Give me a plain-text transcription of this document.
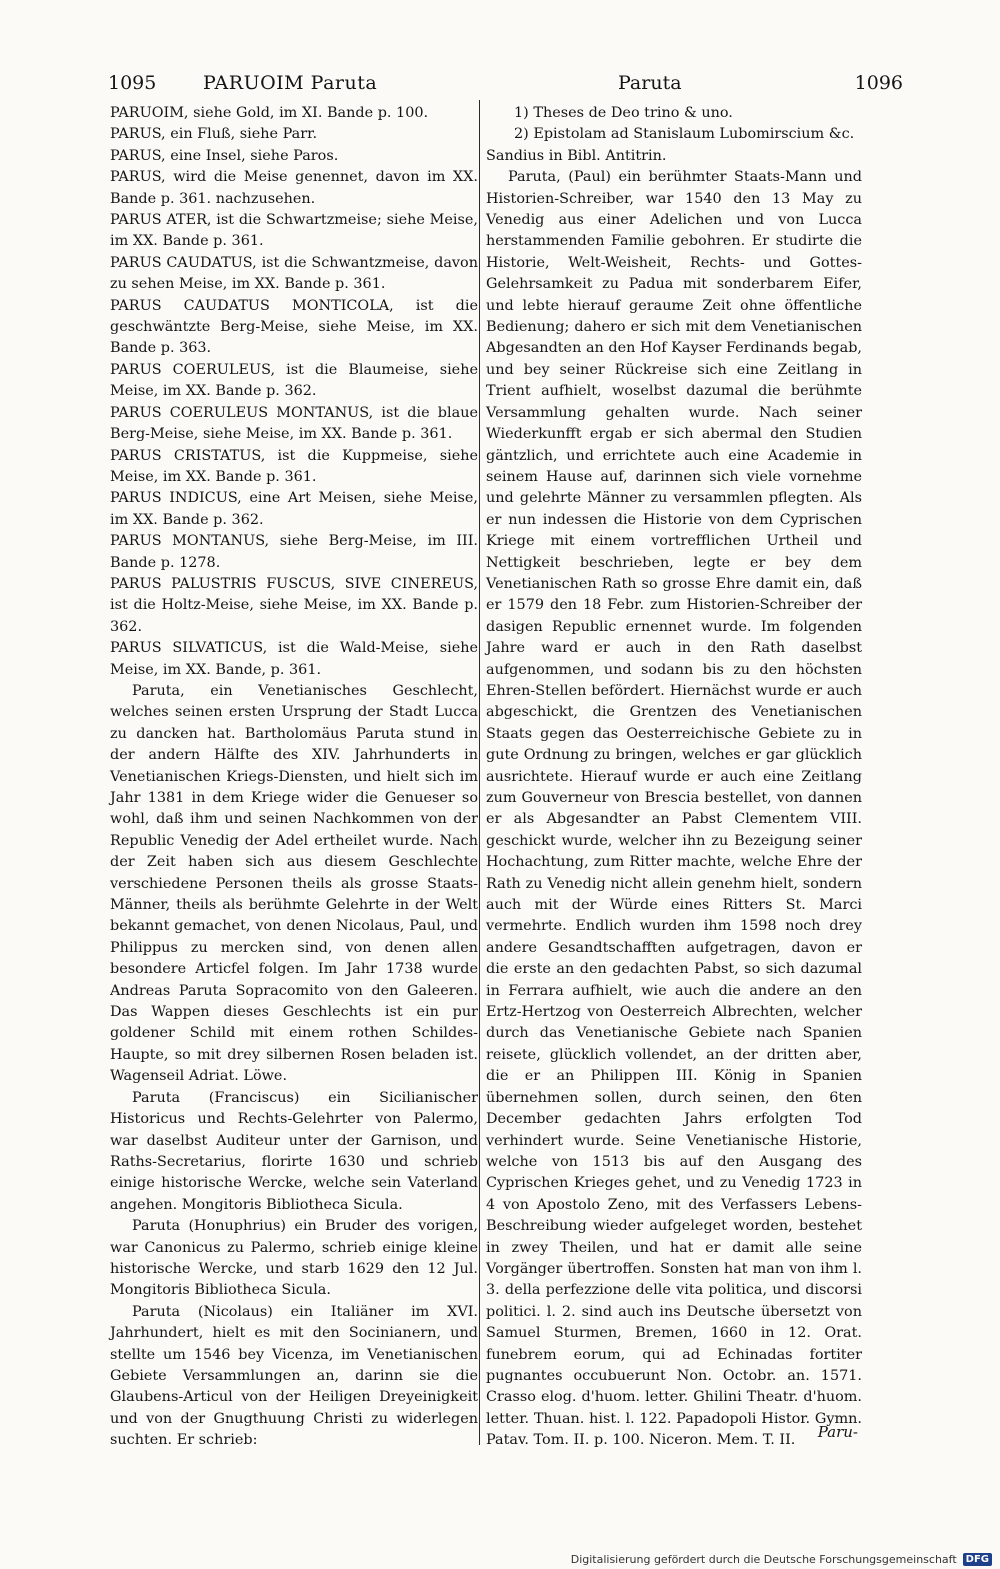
1095 PARUOIM Paruta	Paruta	1096

PARUOIM, siehe Gold, im XI. Bande p. 100.

PARUS, ein Fluß, siehe Parr.

PARUS, eine Insel, siehe Paros.

PARUS, wird die Meise genennet, davon im XX. Bande p. 361. nachzusehen.

PARUS ATER, ist die Schwartzmeise; siehe Meise, im XX. Bande p. 361.

PARUS CAUDATUS, ist die Schwantzmeise, davon zu sehen Meise, im XX. Bande p. 361.

PARUS CAUDATUS MONTICOLA, ist die geschwäntzte Berg-Meise, siehe Meise, im XX. Bande p. 363.

PARUS COERULEUS, ist die Blaumeise, siehe Meise, im XX. Bande p. 362.

PARUS COERULEUS MONTANUS, ist die blaue Berg-Meise, siehe Meise, im XX. Bande p. 361.

PARUS CRISTATUS, ist die Kuppmeise, siehe Meise, im XX. Bande p. 361.

PARUS INDICUS, eine Art Meisen, siehe Meise, im XX. Bande p. 362.

PARUS MONTANUS, siehe Berg-Meise, im III. Bande p. 1278.

PARUS PALUSTRIS FUSCUS, SIVE CINEREUS, ist die Holtz-Meise, siehe Meise, im XX. Bande p. 362.

PARUS SILVATICUS, ist die Wald-Meise, siehe Meise, im XX. Bande, p. 361.

Paruta, ein Venetianisches Geschlecht, welches seinen ersten Ursprung der Stadt Lucca zu dancken hat. Bartholomäus Paruta stund in der andern Hälfte des XIV. Jahrhunderts in Venetianischen Kriegs-Diensten, und hielt sich im Jahr 1381 in dem Kriege wider die Genueser so wohl, daß ihm und seinen Nachkommen von der Republic Venedig der Adel ertheilet wurde. Nach der Zeit haben sich aus diesem Geschlechte verschiedene Personen theils als grosse Staats-Männer, theils als berühmte Gelehrte in der Welt bekannt gemachet, von denen Nicolaus, Paul, und Philippus zu mercken sind, von denen allen besondere Articfel folgen. Im Jahr 1738 wurde Andreas Paruta Sopracomito von den Galeeren. Das Wappen dieses Geschlechts ist ein pur goldener Schild mit einem rothen Schildes-Haupte, so mit drey silbernen Rosen beladen ist. Wagenseil Adriat. Löwe.

Paruta (Franciscus) ein Sicilianischer Historicus und Rechts-Gelehrter von Palermo, war daselbst Auditeur unter der Garnison, und Raths-Secretarius, florirte 1630 und schrieb einige historische Wercke, welche sein Vaterland angehen. Mongitoris Bibliotheca Sicula.

Paruta (Honuphrius) ein Bruder des vorigen, war Canonicus zu Palermo, schrieb einige kleine historische Wercke, und starb 1629 den 12 Jul. Mongitoris Bibliotheca Sicula.

Paruta (Nicolaus) ein Italiäner im XVI. Jahrhundert, hielt es mit den Socinianern, und stellte um 1546 bey Vicenza, im Venetianischen Gebiete Versammlungen an, darinn sie die Glaubens-Articul von der Heiligen Dreyeinigkeit und von der Gnugthuung Christi zu widerlegen suchten. Er schrieb:

1) Theses de Deo trino & uno.

2) Epistolam ad Stanislaum Lubomirscium &c.

Sandius in Bibl. Antitrin.

Paruta, (Paul) ein berühmter Staats-Mann und Historien-Schreiber, war 1540 den 13 May zu Venedig aus einer Adelichen und von Lucca herstammenden Familie gebohren. Er studirte die Historie, Welt-Weisheit, Rechts- und Gottes-Gelehrsamkeit zu Padua mit sonderbarem Eifer, und lebte hierauf geraume Zeit ohne öffentliche Bedienung; dahero er sich mit dem Venetianischen Abgesandten an den Hof Kayser Ferdinands begab, und bey seiner Rückreise sich eine Zeitlang in Trient aufhielt, woselbst dazumal die berühmte Versammlung gehalten wurde. Nach seiner Wiederkunfft ergab er sich abermal den Studien gäntzlich, und errichtete auch eine Academie in seinem Hause auf, darinnen sich viele vornehme und gelehrte Männer zu versammlen pflegten. Als er nun indessen die Historie von dem Cyprischen Kriege mit einem vortrefflichen Urtheil und Nettigkeit beschrieben, legte er bey dem Venetianischen Rath so grosse Ehre damit ein, daß er 1579 den 18 Febr. zum Historien-Schreiber der dasigen Republic ernennet wurde. Im folgenden Jahre ward er auch in den Rath daselbst aufgenommen, und sodann bis zu den höchsten Ehren-Stellen befördert. Hiernächst wurde er auch abgeschickt, die Grentzen des Venetianischen Staats gegen das Oesterreichische Gebiete zu in gute Ordnung zu bringen, welches er gar glücklich ausrichtete. Hierauf wurde er auch eine Zeitlang zum Gouverneur von Brescia bestellet, von dannen er als Abgesandter an Pabst Clementem VIII. geschickt wurde, welcher ihn zu Bezeigung seiner Hochachtung, zum Ritter machte, welche Ehre der Rath zu Venedig nicht allein genehm hielt, sondern auch mit der Würde eines Ritters St. Marci vermehrte. Endlich wurden ihm 1598 noch drey andere Gesandtschafften aufgetragen, davon er die erste an den gedachten Pabst, so sich dazumal in Ferrara aufhielt, wie auch die andere an den Ertz-Hertzog von Oesterreich Albrechten, welcher durch das Venetianische Gebiete nach Spanien reisete, glücklich vollendet, an der dritten aber, die er an Philippen III. König in Spanien übernehmen sollen, durch seinen, den 6ten December gedachten Jahrs erfolgten Tod verhindert wurde. Seine Venetianische Historie, welche von 1513 bis auf den Ausgang des Cyprischen Krieges gehet, und zu Venedig 1723 in 4 von Apostolo Zeno, mit des Verfassers Lebens-Beschreibung wieder aufgeleget worden, bestehet in zwey Theilen, und hat er damit alle seine Vorgänger übertroffen. Sonsten hat man von ihm l. 3. della perfezzione delle vita politica, und discorsi politici. l. 2. sind auch ins Deutsche übersetzt von Samuel Sturmen, Bremen, 1660 in 12. Orat. funebrem eorum, qui ad Echinadas fortiter pugnantes occubuerunt Non. Octobr. an. 1571. Crasso elog. d'huom. letter. Ghilini Theatr. d'huom. letter. Thuan. hist. l. 122. Papadopoli Histor. Gymn. Patav. Tom. II. p. 100. Niceron. Mem. T. II.	Paru-
Digitalisierung gefördert durch die Deutsche Forschungsgemeinschaft DFG
